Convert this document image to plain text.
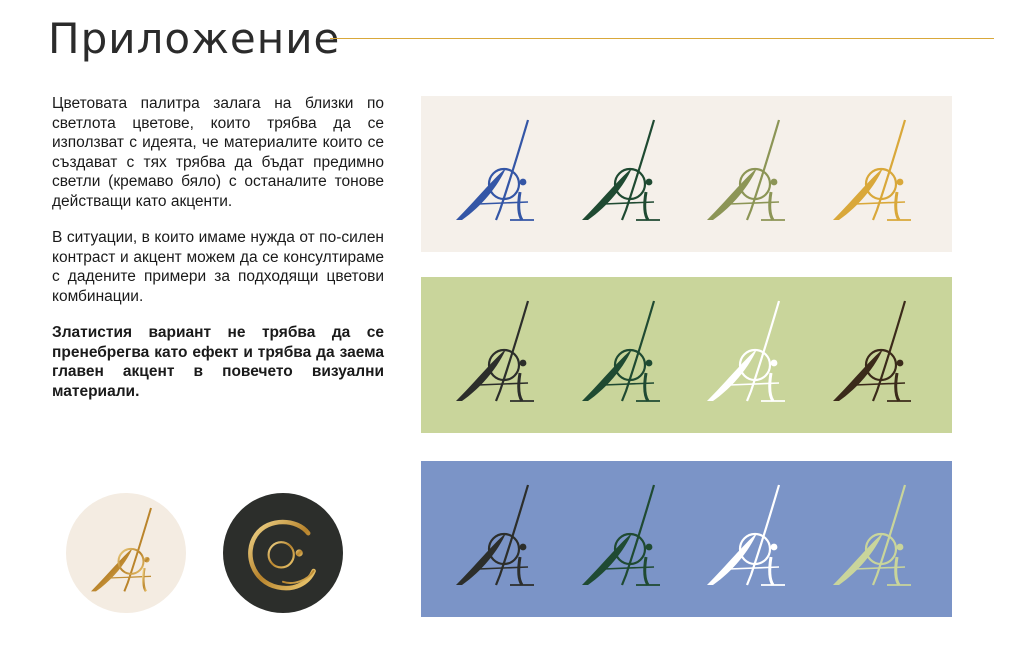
Приложение

Цветовата палитра залага на близки по светлота цветове, които трябва да се използват с идеята, че материалите които се създават с тях трябва да бъдат предимно светли (кремаво бяло) с останалите тонове действащи като акценти.

В ситуации, в които имаме нужда от по-силен контраст и акцент можем да се консултираме с дадените примери за подходящи цветови комбинации.

Златистия вариант не трябва да се пренебрегва като ефект и трябва да заема главен акцент в повечето визуални материали.
